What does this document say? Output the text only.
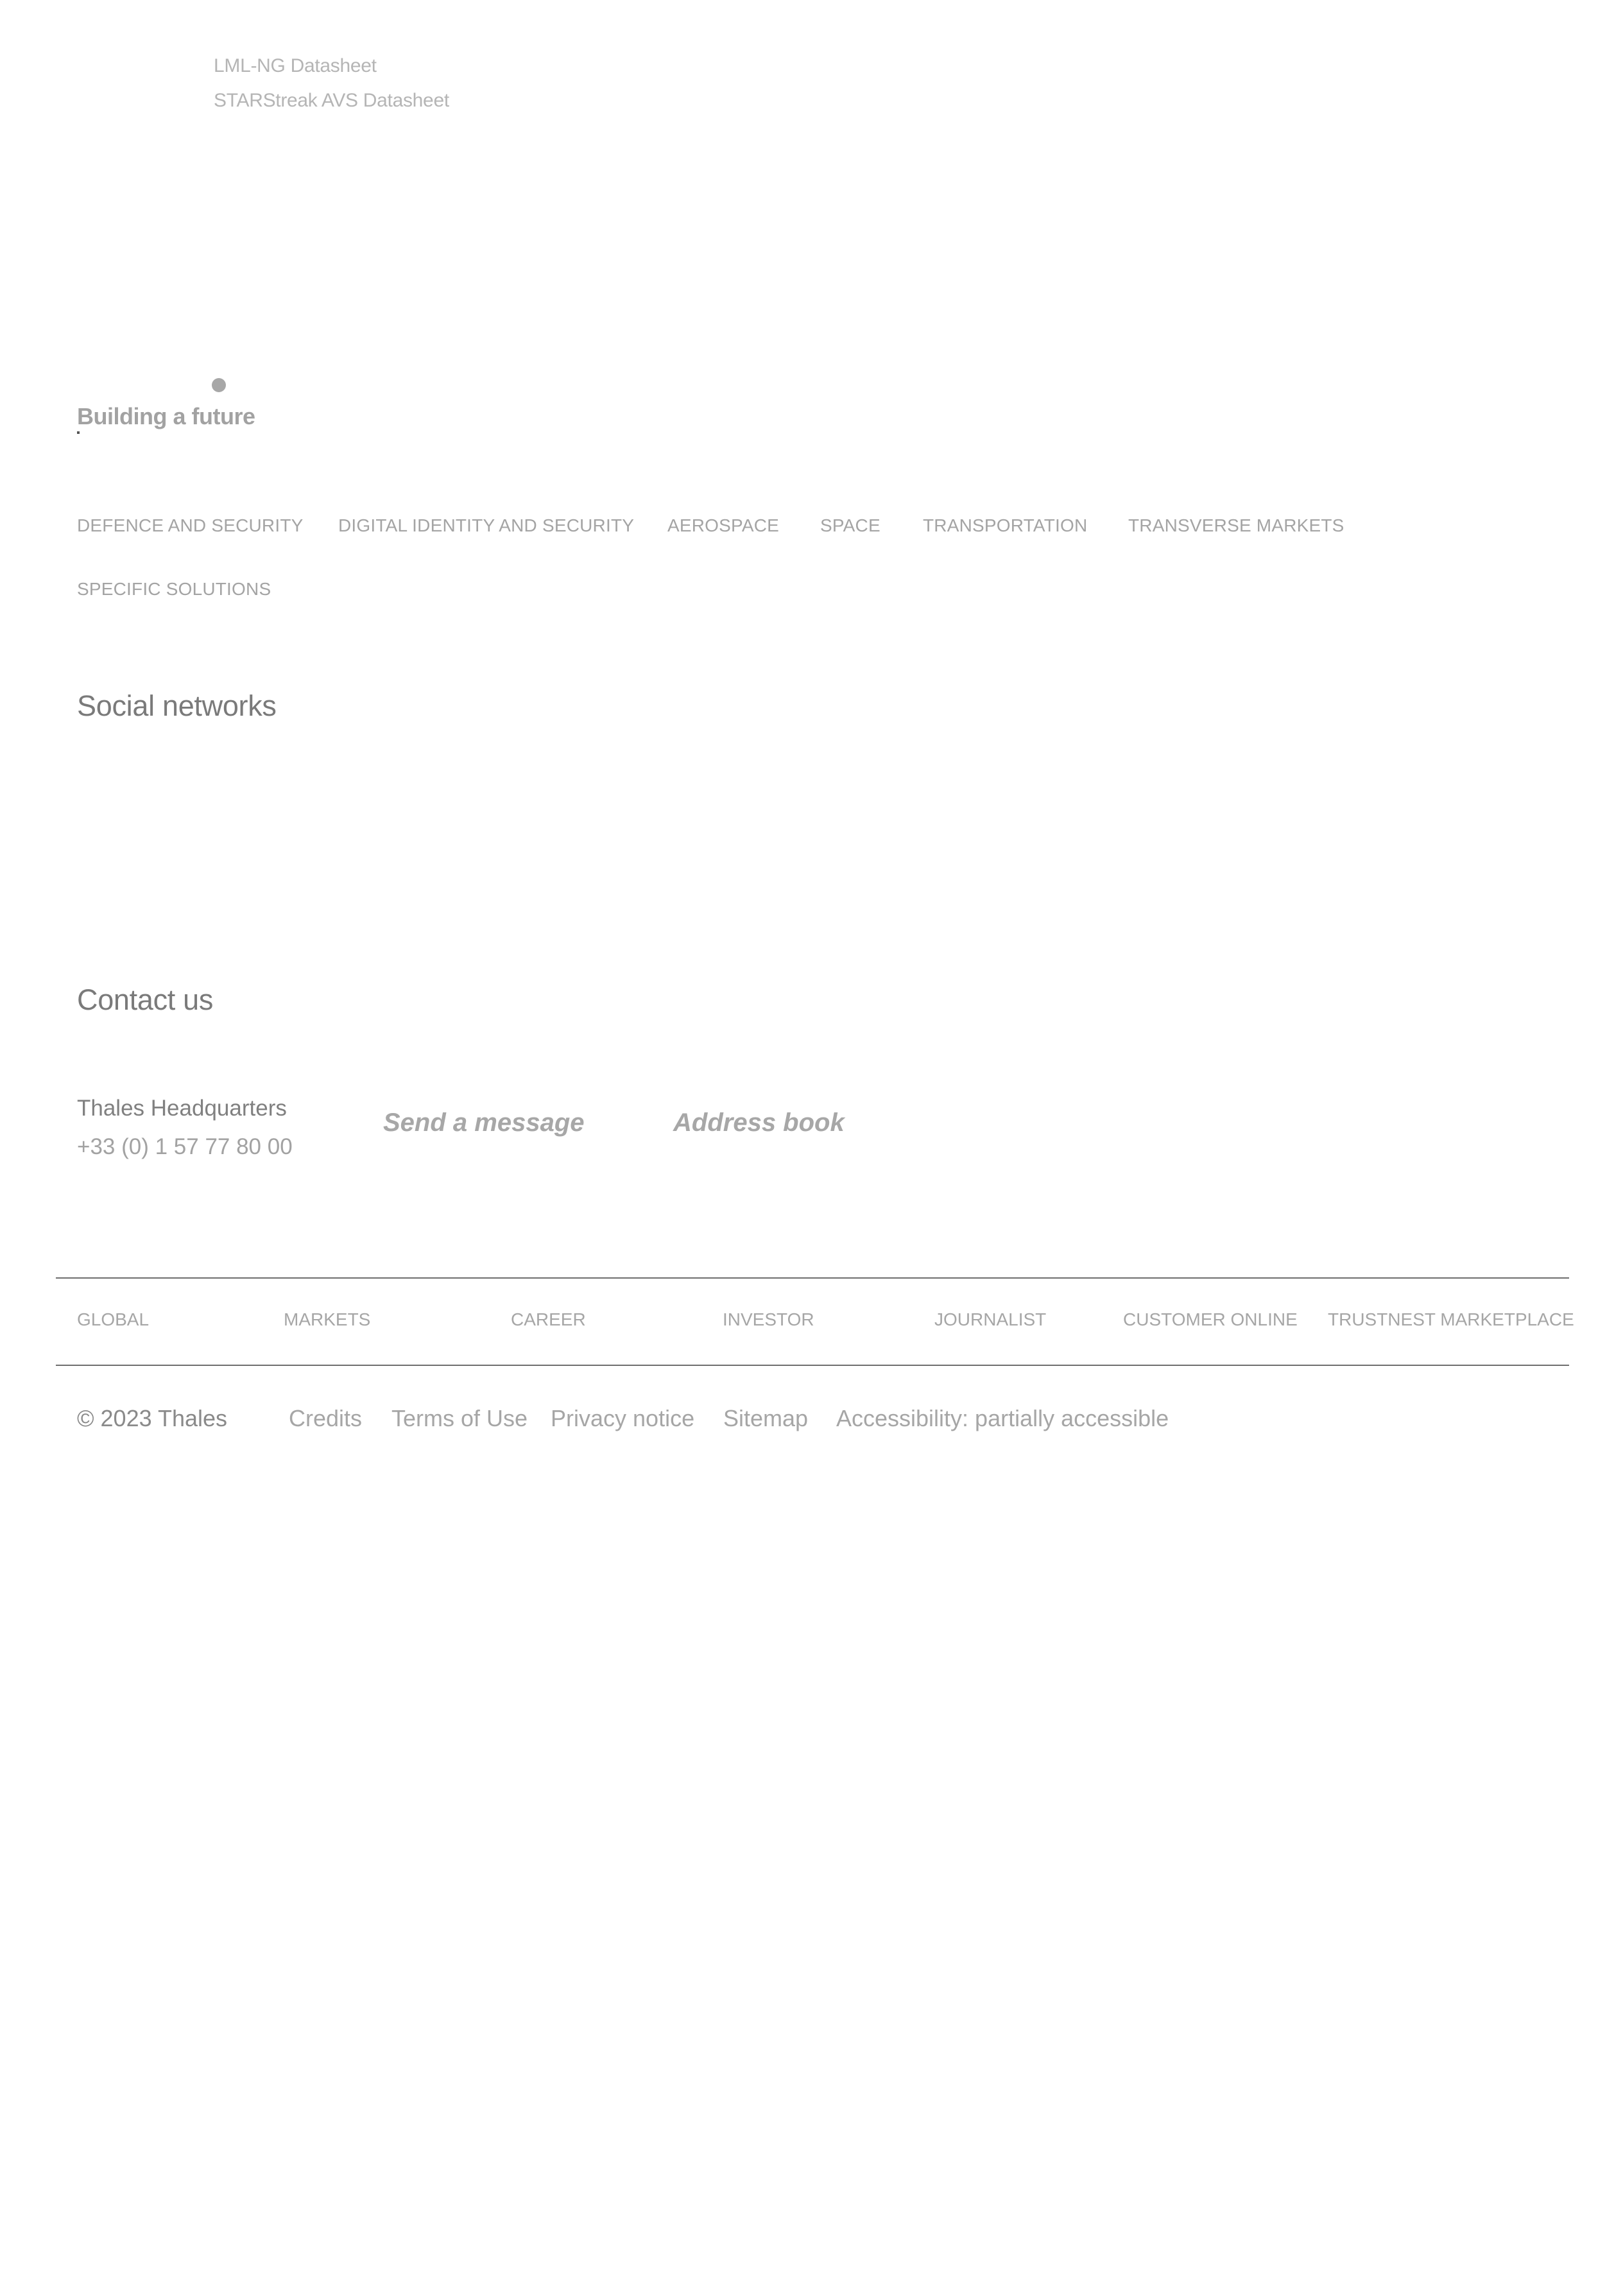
LML-NG Datasheet
STARStreak AVS Datasheet
Building a future
DEFENCE AND SECURITY DIGITAL IDENTITY AND SECURITY AEROSPACE SPACE TRANSPORTATION TRANSVERSE MARKETS
SPECIFIC SOLUTIONS
Social networks
Contact us
Thales Headquarters
+33 (0) 1 57 77 80 00
Send a message	Address book
GLOBAL	MARKETS	CAREER	INVESTOR	JOURNALIST	CUSTOMER ONLINE TRUSTNEST MARKETPLACE
© 2023 Thales	Credits Terms of Use Privacy notice Sitemap Accessibility: partially accessible
